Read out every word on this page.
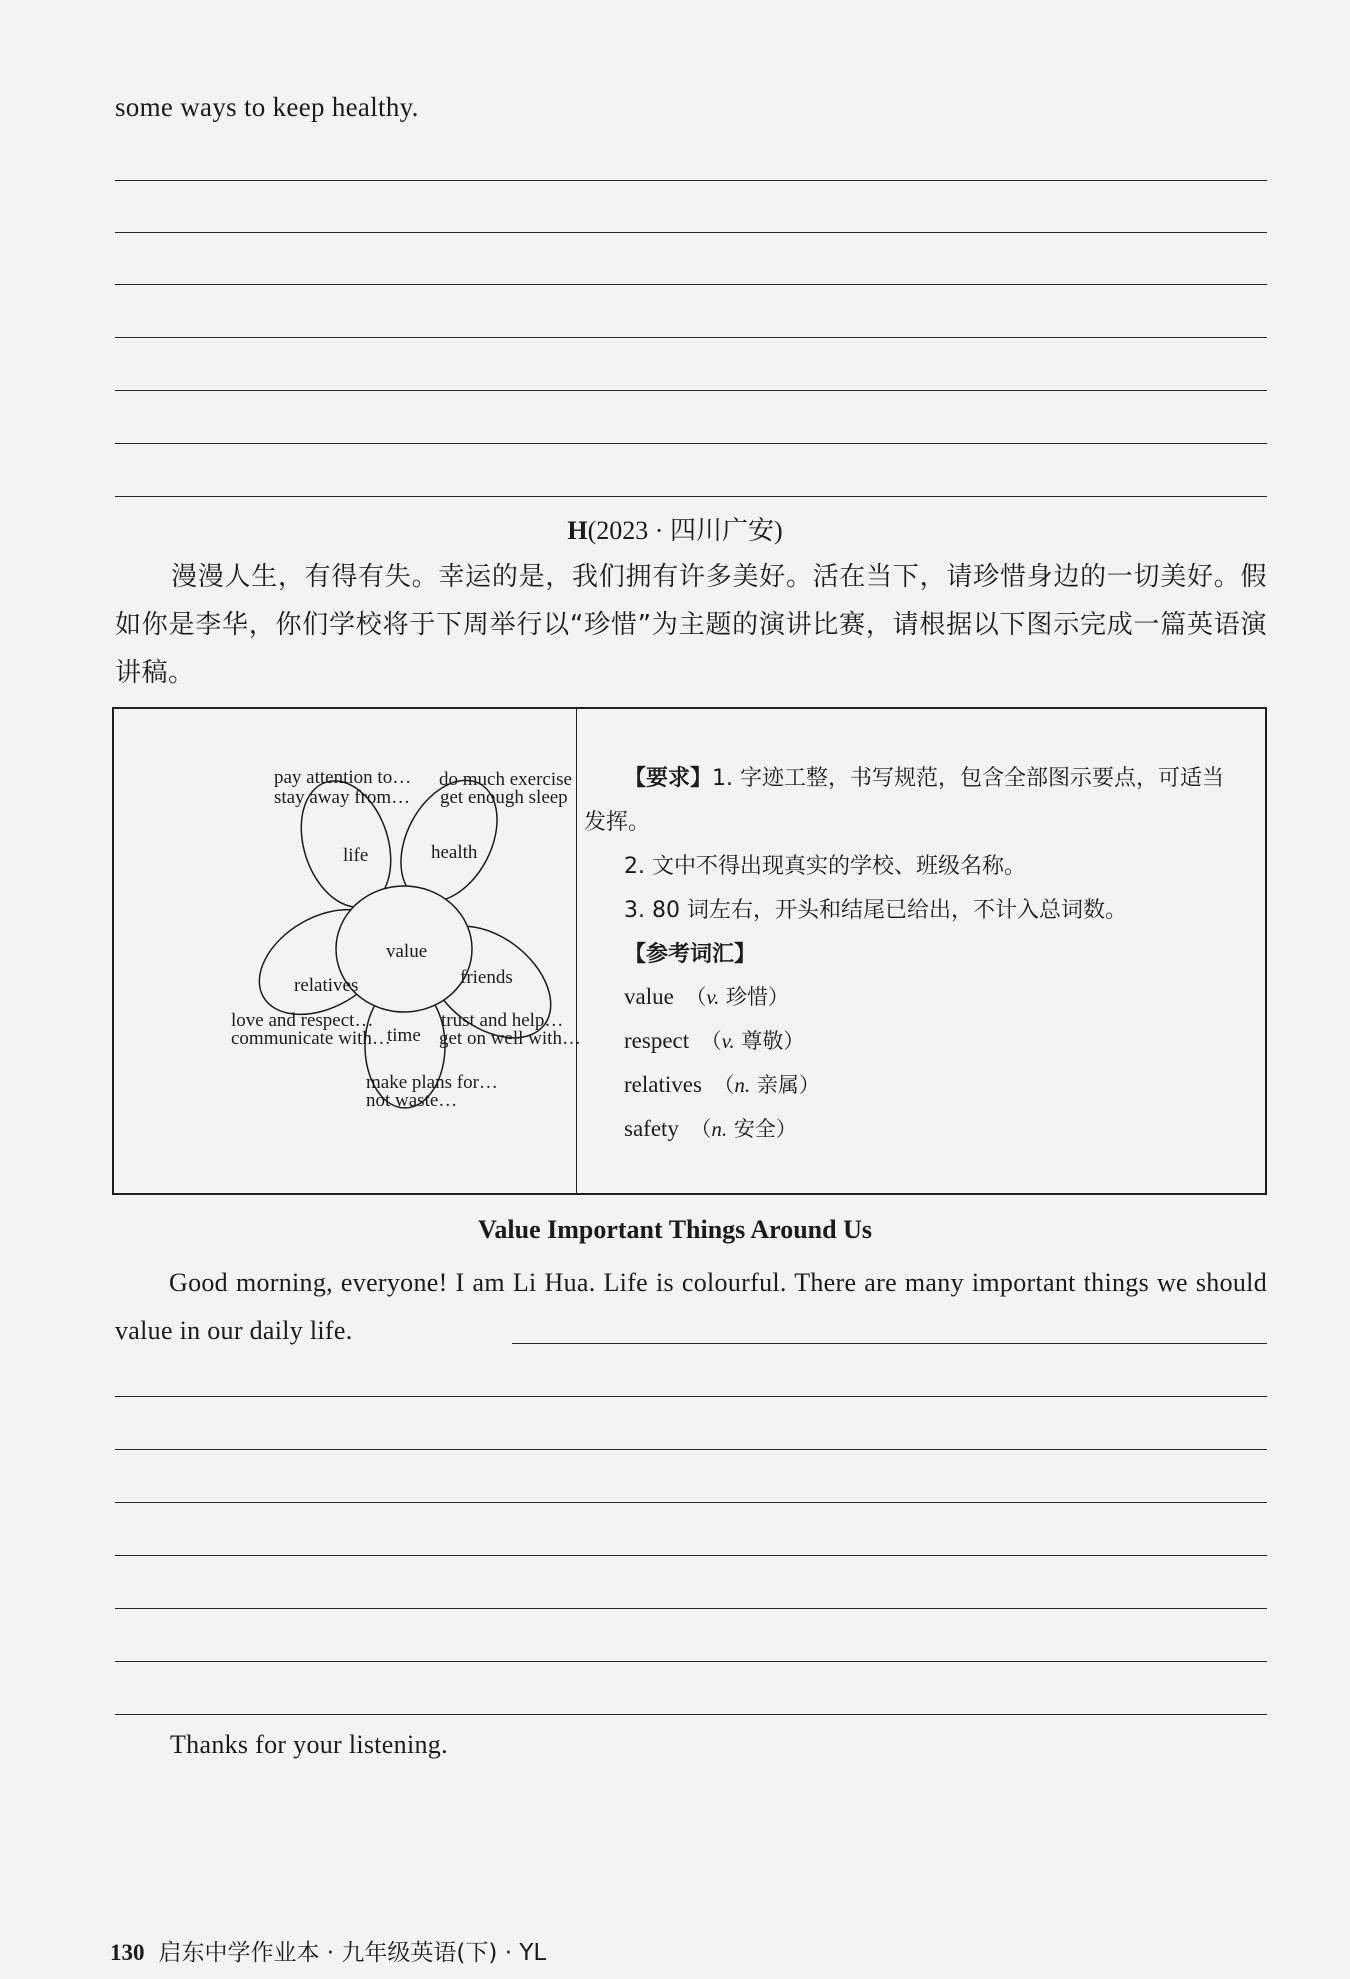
some ways to keep healthy.
H(2023 · 四川广安)
漫漫人生，有得有失。幸运的是，我们拥有许多美好。活在当下，请珍惜身边的一切美好。假如你是李华，你们学校将于下周举行以“珍惜”为主题的演讲比赛，请根据以下图示完成一篇英语演讲稿。
value
life	health
relatives	friends
time
pay attention to…
stay away from…
do much exercise
get enough sleep
love and respect…
communicate with…
trust and help…
get on well with…
make plans for…
not waste…
【要求】1. 字迹工整，书写规范，包含全部图示要点，可适当
发挥。
2. 文中不得出现真实的学校、班级名称。
3. 80 词左右，开头和结尾已给出，不计入总词数。
【参考词汇】
value （v. 珍惜）
respect （v. 尊敬）
relatives （n. 亲属）
safety （n. 安全）
Value Important Things Around Us
Good morning, everyone! I am Li Hua. Life is colourful. There are many important things we should value in our daily life.
Thanks for your listening.
130 启东中学作业本 · 九年级英语(下) · YL
